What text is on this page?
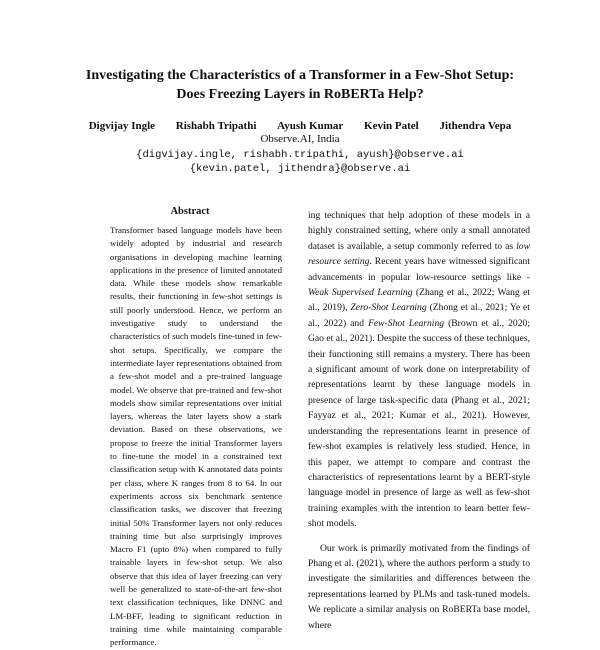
Investigating the Characteristics of a Transformer in a Few-Shot Setup:
Does Freezing Layers in RoBERTa Help?
Digvijay Ingle Rishabh Tripathi Ayush Kumar Kevin Patel Jithendra Vepa
Observe.AI, India
{digvijay.ingle, rishabh.tripathi, ayush}@observe.ai
{kevin.patel, jithendra}@observe.ai
Abstract
Transformer based language models have been widely adopted by industrial and research organisations in developing machine learning applications in the presence of limited annotated data. While these models show remarkable results, their functioning in few-shot settings is still poorly understood. Hence, we perform an investigative study to understand the characteristics of such models fine-tuned in few-shot setups. Specifically, we compare the intermediate layer representations obtained from a few-shot model and a pre-trained language model. We observe that pre-trained and few-shot models show similar representations over initial layers, whereas the later layers show a stark deviation. Based on these observations, we propose to freeze the initial Transformer layers to fine-tune the model in a constrained text classification setup with K annotated data points per class, where K ranges from 8 to 64. In our experiments across six benchmark sentence classification tasks, we discover that freezing initial 50% Transformer layers not only reduces training time but also surprisingly improves Macro F1 (upto 8%) when compared to fully trainable layers in few-shot setup. We also observe that this idea of layer freezing can very well be generalized to state-of-the-art few-shot text classification techniques, like DNNC and LM-BFF, leading to significant reduction in training time while maintaining comparable performance.

ing techniques that help adoption of these models in a highly constrained setting, where only a small annotated dataset is available, a setup commonly referred to as low resource setting. Recent years have witnessed significant advancements in popular low-resource settings like - Weak Supervised Learning (Zhang et al., 2022; Wang et al., 2019), Zero-Shot Learning (Zhong et al., 2021; Ye et al., 2022) and Few-Shot Learning (Brown et al., 2020; Gao et al., 2021). Despite the success of these techniques, their functioning still remains a mystery. There has been a significant amount of work done on interpretability of representations learnt by these language models in presence of large task-specific data (Phang et al., 2021; Fayyaz et al., 2021; Kumar et al., 2021). However, understanding the representations learnt in presence of few-shot examples is relatively less studied. Hence, in this paper, we attempt to compare and contrast the characteristics of representations learnt by a BERT-style language model in presence of large as well as few-shot training examples with the intention to learn better few-shot models.

Our work is primarily motivated from the findings of Phang et al. (2021), where the authors perform a study to investigate the similarities and differences between the representations learned by PLMs and task-tuned models. We replicate a similar analysis on RoBERTa base model, where
